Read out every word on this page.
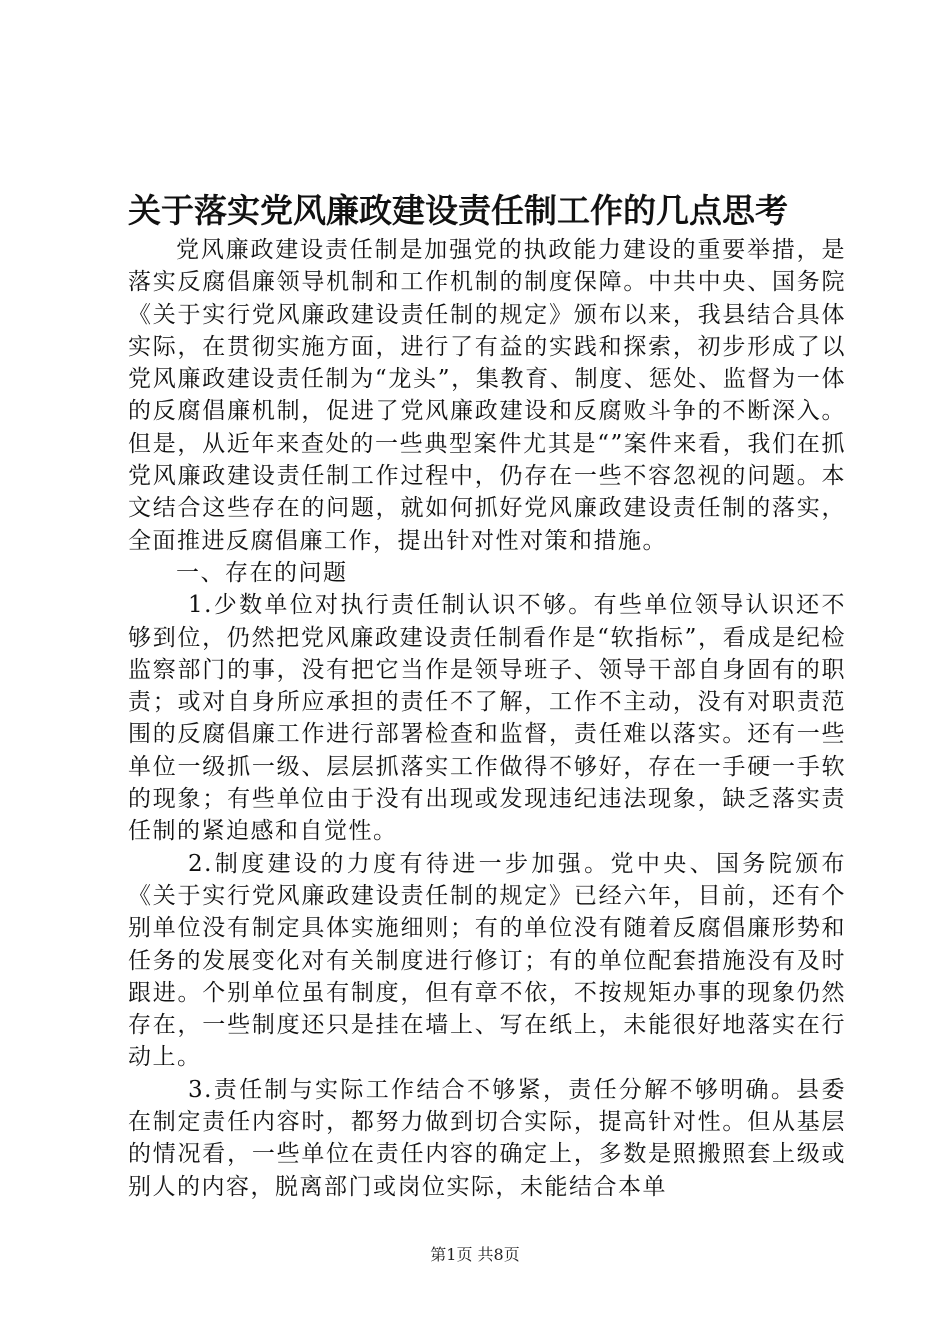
关于落实党风廉政建设责任制工作的几点思考

党风廉政建设责任制是加强党的执政能力建设的重要举措，是落实反腐倡廉领导机制和工作机制的制度保障。中共中央、国务院《关于实行党风廉政建设责任制的规定》颁布以来，我县结合具体实际，在贯彻实施方面，进行了有益的实践和探索，初步形成了以党风廉政建设责任制为“龙头”，集教育、制度、惩处、监督为一体的反腐倡廉机制，促进了党风廉政建设和反腐败斗争的不断深入。但是，从近年来查处的一些典型案件尤其是“”案件来看，我们在抓党风廉政建设责任制工作过程中，仍存在一些不容忽视的问题。本文结合这些存在的问题，就如何抓好党风廉政建设责任制的落实，全面推进反腐倡廉工作，提出针对性对策和措施。

一、存在的问题

1.少数单位对执行责任制认识不够。有些单位领导认识还不够到位，仍然把党风廉政建设责任制看作是“软指标”，看成是纪检监察部门的事，没有把它当作是领导班子、领导干部自身固有的职责；或对自身所应承担的责任不了解，工作不主动，没有对职责范围的反腐倡廉工作进行部署检查和监督，责任难以落实。还有一些单位一级抓一级、层层抓落实工作做得不够好，存在一手硬一手软的现象；有些单位由于没有出现或发现违纪违法现象，缺乏落实责任制的紧迫感和自觉性。

2.制度建设的力度有待进一步加强。党中央、国务院颁布《关于实行党风廉政建设责任制的规定》已经六年，目前，还有个别单位没有制定具体实施细则；有的单位没有随着反腐倡廉形势和任务的发展变化对有关制度进行修订；有的单位配套措施没有及时跟进。个别单位虽有制度，但有章不依，不按规矩办事的现象仍然存在，一些制度还只是挂在墙上、写在纸上，未能很好地落实在行动上。

3.责任制与实际工作结合不够紧，责任分解不够明确。县委在制定责任内容时，都努力做到切合实际，提高针对性。但从基层的情况看，一些单位在责任内容的确定上，多数是照搬照套上级或别人的内容，脱离部门或岗位实际，未能结合本单

第1页 共8页
